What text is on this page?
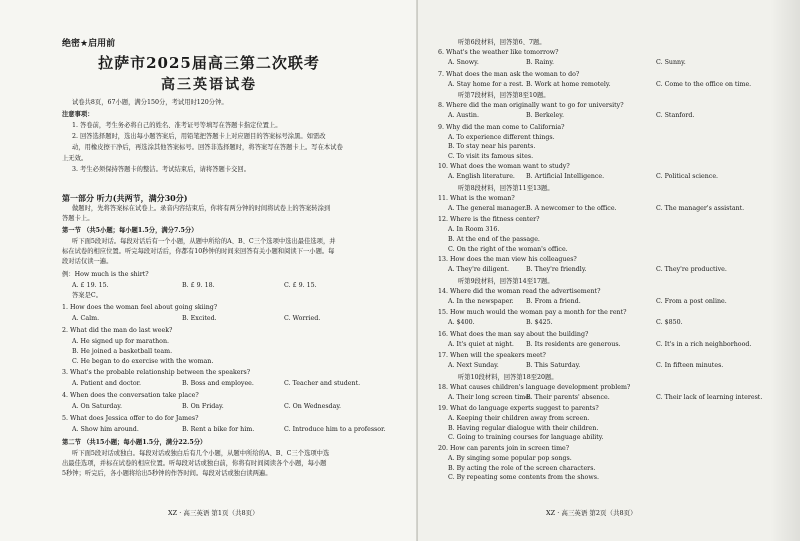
绝密★启用前
拉萨市2025届高三第二次联考
高三英语试卷
试卷共8页，67小题，满分150分，考试用时120分钟。
注意事项：
1. 答卷前，考生务必将自己的姓名、准考证号等填写在答题卡指定位置上。
2. 回答选择题时，选出每小题答案后，用铅笔把答题卡上对应题目的答案标号涂黑。如需改
动，用橡皮擦干净后，再选涂其他答案标号。回答非选择题时，将答案写在答题卡上。写在本试卷
上无效。
3. 考生必须保持答题卡的整洁。考试结束后，请将答题卡交回。
第一部分 听力(共两节，满分30分)
做题时，先将答案标在试卷上。录音内容结束后，你将有两分钟的时间将试卷上的答案转涂到
答题卡上。
第一节 （共5小题；每小题1.5分，满分7.5分）
听下面5段对话。每段对话后有一个小题，从题中所给的A、B、C三个选项中选出最佳选项，并
标在试卷的相应位置。听完每段对话后，你都有10秒钟的时间来回答有关小题和阅读下一小题。每
段对话仅读一遍。
例：How much is the shirt?
A. £ 19. 15.	B. £ 9. 18.	C. £ 9. 15.
答案是C。
1. How does the woman feel about going skiing?
A. Calm.	B. Excited.	C. Worried.
2. What did the man do last week?
A. He signed up for marathon.
B. He joined a basketball team.
C. He began to do exercise with the woman.
3. What's the probable relationship between the speakers?
A. Patient and doctor.	B. Boss and employee.	C. Teacher and student.
4. When does the conversation take place?
A. On Saturday.	B. On Friday.	C. On Wednesday.
5. What does Jessica offer to do for James?
A. Show him around.	B. Rent a bike for him.	C. Introduce him to a professor.
第二节 （共15小题；每小题1.5分，满分22.5分）
听下面5段对话或独白。每段对话或独白后有几个小题，从题中所给的A、B、C三个选项中选
出最佳选项，并标在试卷的相应位置。听每段对话或独白前，你将有时间阅读各个小题，每小题
5秒钟；听完后，各小题将给出5秒钟的作答时间。每段对话或独白读两遍。
XZ · 高三英语 第1页（共8页）
听第6段材料，回答第6、7题。
6. What's the weather like tomorrow?
A. Snowy.	B. Rainy.	C. Sunny.
7. What does the man ask the woman to do?
A. Stay home for a rest. B. Work at home remotely.	C. Come to the office on time.
听第7段材料，回答第8至10题。
8. Where did the man originally want to go for university?
A. Austin.	B. Berkeley.	C. Stanford.
9. Why did the man come to California?
A. To experience different things.
B. To stay near his parents.
C. To visit its famous sites.
10. What does the woman want to study?
A. English literature. B. Artificial Intelligence.	C. Political science.
听第8段材料，回答第11至13题。
11. What is the woman?
A. The general manager. B. A newcomer to the office.	C. The manager's assistant.
12. Where is the fitness center?
A. In Room 316.
B. At the end of the passage.
C. On the right of the woman's office.
13. How does the man view his colleagues?
A. They're diligent.	B. They're friendly.	C. They're productive.
听第9段材料，回答第14至17题。
14. Where did the woman read the advertisement?
A. In the newspaper. B. From a friend.	C. From a post online.
15. How much would the woman pay a month for the rent?
A. $400.	B. $425.	C. $850.
16. What does the man say about the building?
A. It's quiet at night. B. Its residents are generous.	C. It's in a rich neighborhood.
17. When will the speakers meet?
A. Next Sunday.	B. This Saturday.	C. In fifteen minutes.
听第10段材料，回答第18至20题。
18. What causes children's language development problem?
A. Their long screen time.
B. Their parents' absence.	C. Their lack of learning interest.
19. What do language experts suggest to parents?
A. Keeping their children away from screen.
B. Having regular dialogue with their children.
C. Going to training courses for language ability.
20. How can parents join in screen time?
A. By singing some popular pop songs.
B. By acting the role of the screen characters.
C. By repeating some contents from the shows.
XZ · 高三英语 第2页（共8页）
